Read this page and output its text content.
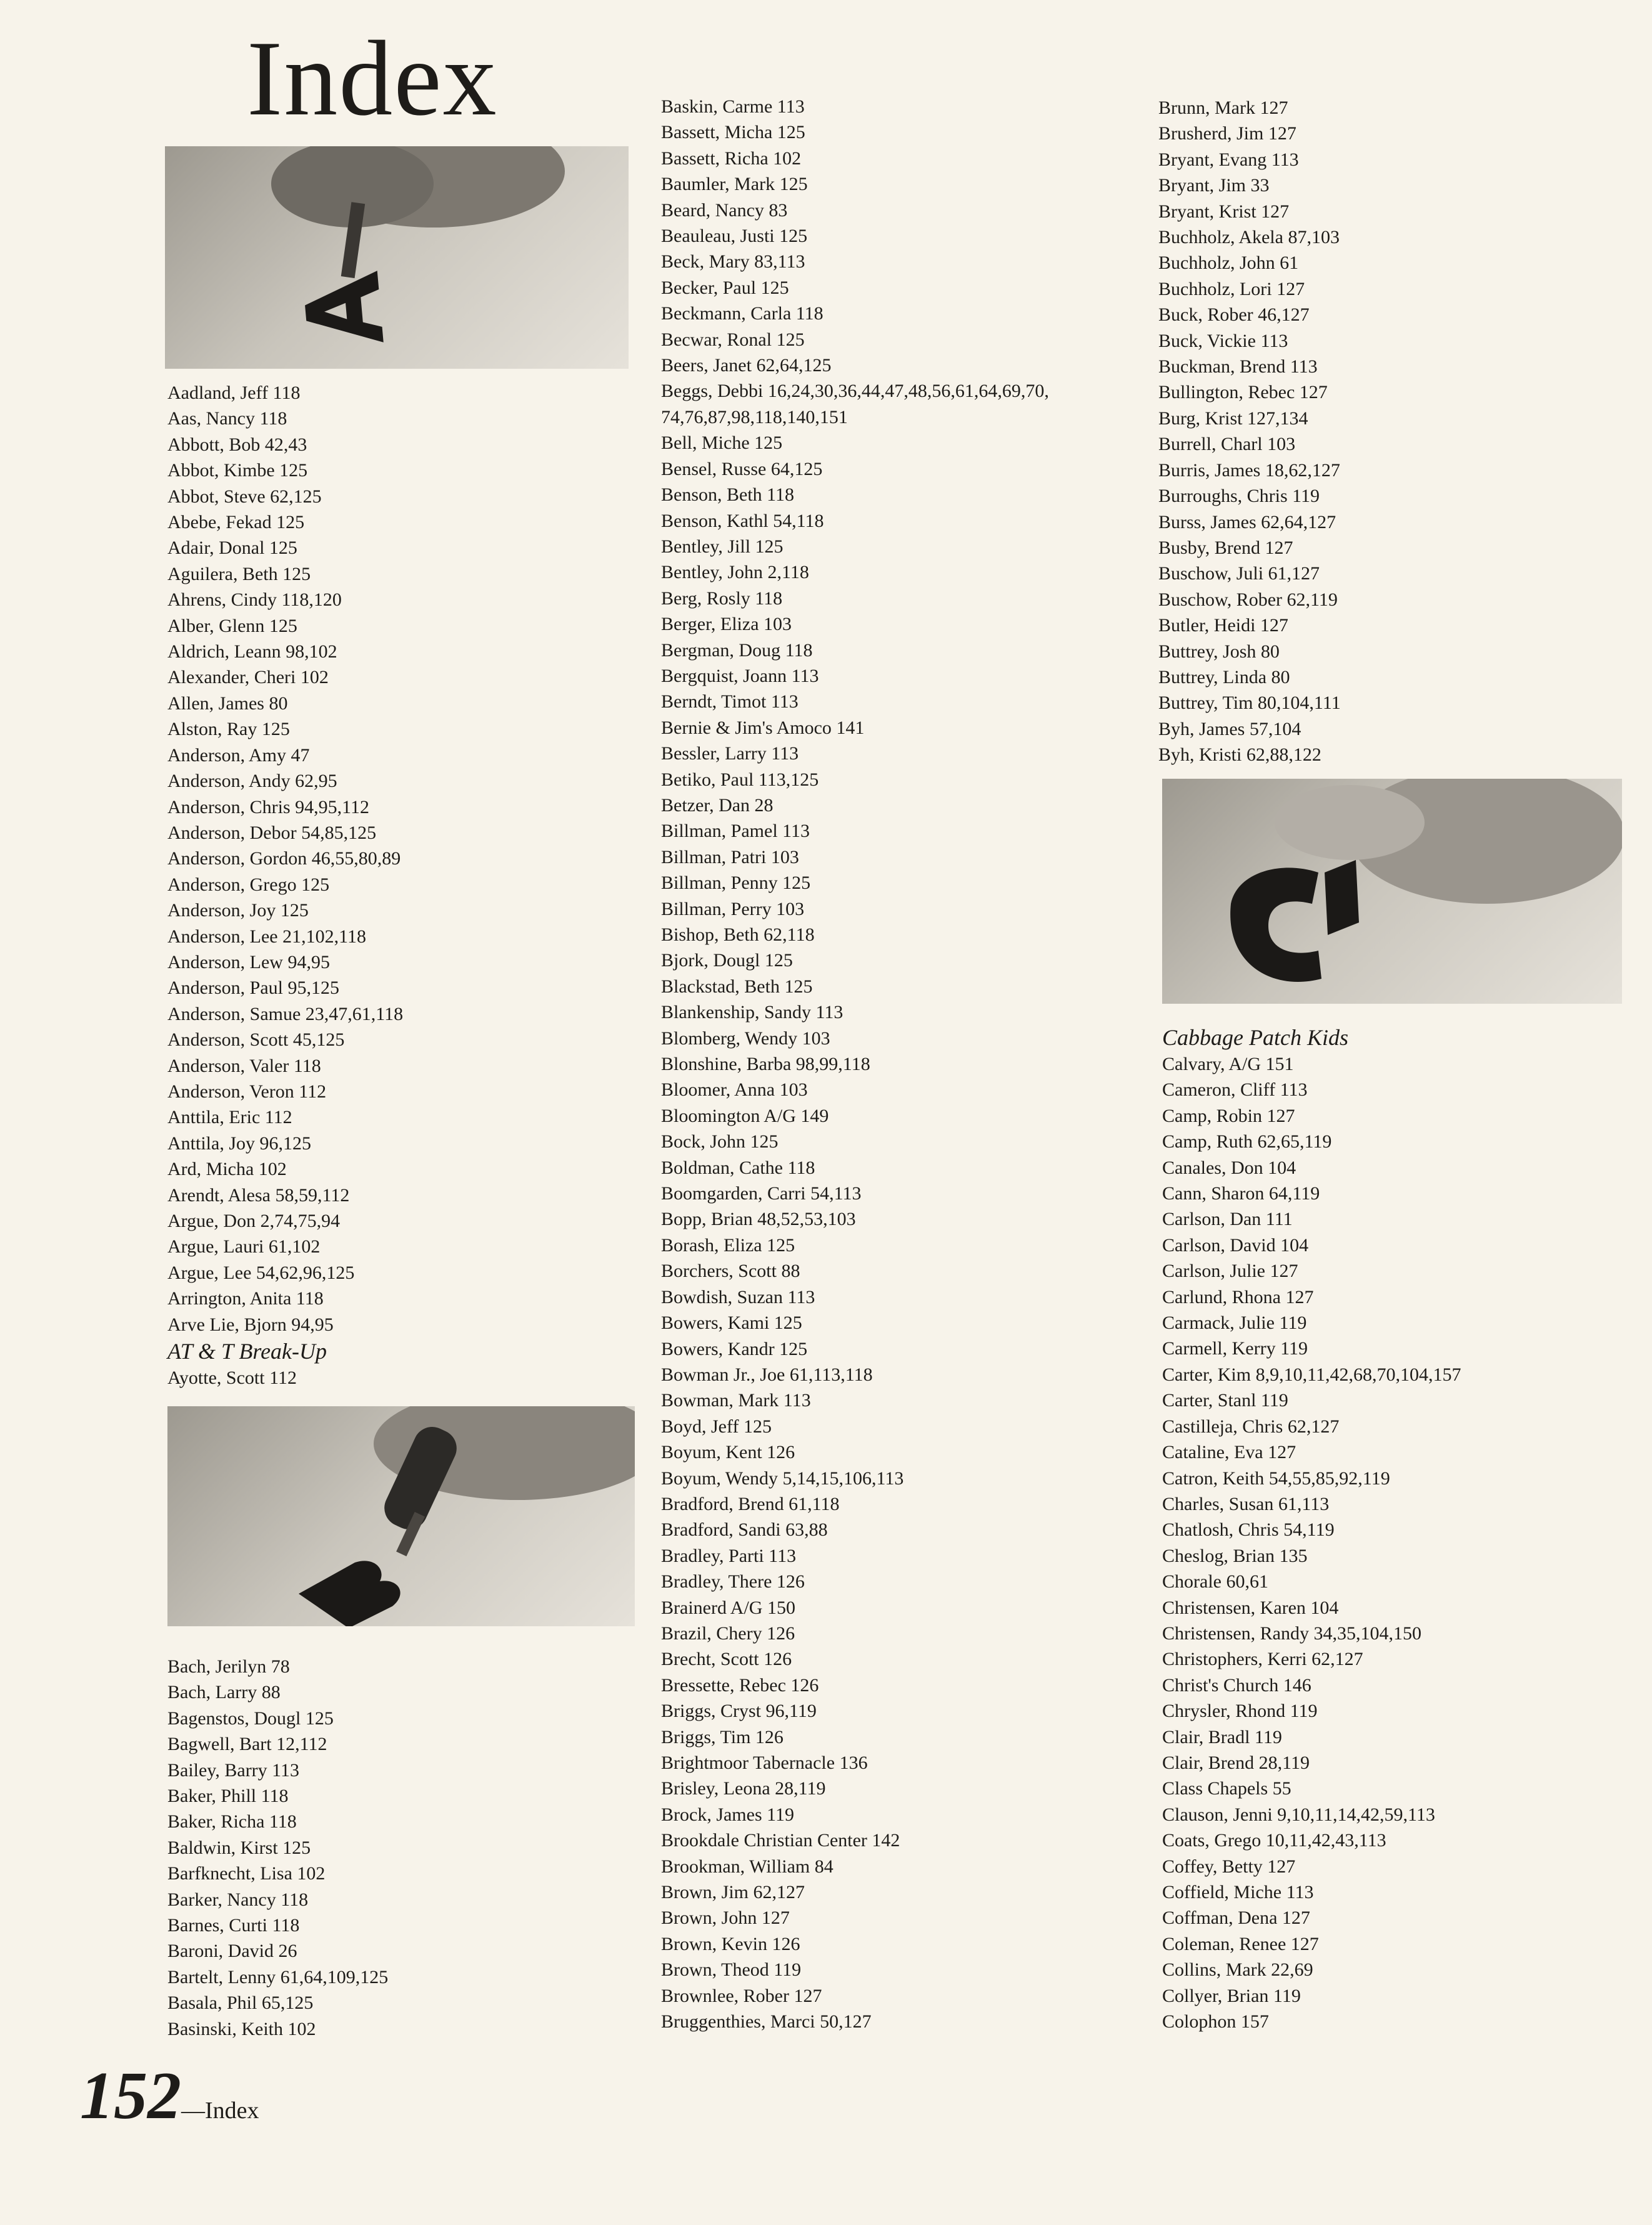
Index
Aadland, Jeff 118
Aas, Nancy 118
Abbott, Bob 42,43
Abbot, Kimbe 125
Abbot, Steve 62,125
Abebe, Fekad 125
Adair, Donal 125
Aguilera, Beth 125
Ahrens, Cindy 118,120
Alber, Glenn 125
Aldrich, Leann 98,102
Alexander, Cheri 102
Allen, James 80
Alston, Ray 125
Anderson, Amy 47
Anderson, Andy 62,95
Anderson, Chris 94,95,112
Anderson, Debor 54,85,125
Anderson, Gordon 46,55,80,89
Anderson, Grego 125
Anderson, Joy 125
Anderson, Lee 21,102,118
Anderson, Lew 94,95
Anderson, Paul 95,125
Anderson, Samue 23,47,61,118
Anderson, Scott 45,125
Anderson, Valer 118
Anderson, Veron 112
Anttila, Eric 112
Anttila, Joy 96,125
Ard, Micha 102
Arendt, Alesa 58,59,112
Argue, Don 2,74,75,94
Argue, Lauri 61,102
Argue, Lee 54,62,96,125
Arrington, Anita 118
Arve Lie, Bjorn 94,95
AT & T Break-Up
Ayotte, Scott 112
Bach, Jerilyn 78
Bach, Larry 88
Bagenstos, Dougl 125
Bagwell, Bart 12,112
Bailey, Barry 113
Baker, Phill 118
Baker, Richa 118
Baldwin, Kirst 125
Barfknecht, Lisa 102
Barker, Nancy 118
Barnes, Curti 118
Baroni, David 26
Bartelt, Lenny 61,64,109,125
Basala, Phil 65,125
Basinski, Keith 102
Baskin, Carme 113
Bassett, Micha 125
Bassett, Richa 102
Baumler, Mark 125
Beard, Nancy 83
Beauleau, Justi 125
Beck, Mary 83,113
Becker, Paul 125
Beckmann, Carla 118
Becwar, Ronal 125
Beers, Janet 62,64,125
Beggs, Debbi 16,24,30,36,44,47,48,56,61,64,69,70,
74,76,87,98,118,140,151
Bell, Miche 125
Bensel, Russe 64,125
Benson, Beth 118
Benson, Kathl 54,118
Bentley, Jill 125
Bentley, John 2,118
Berg, Rosly 118
Berger, Eliza 103
Bergman, Doug 118
Bergquist, Joann 113
Berndt, Timot 113
Bernie & Jim's Amoco 141
Bessler, Larry 113
Betiko, Paul 113,125
Betzer, Dan 28
Billman, Pamel 113
Billman, Patri 103
Billman, Penny 125
Billman, Perry 103
Bishop, Beth 62,118
Bjork, Dougl 125
Blackstad, Beth 125
Blankenship, Sandy 113
Blomberg, Wendy 103
Blonshine, Barba 98,99,118
Bloomer, Anna 103
Bloomington A/G 149
Bock, John 125
Boldman, Cathe 118
Boomgarden, Carri 54,113
Bopp, Brian 48,52,53,103
Borash, Eliza 125
Borchers, Scott 88
Bowdish, Suzan 113
Bowers, Kami 125
Bowers, Kandr 125
Bowman Jr., Joe 61,113,118
Bowman, Mark 113
Boyd, Jeff 125
Boyum, Kent 126
Boyum, Wendy 5,14,15,106,113
Bradford, Brend 61,118
Bradford, Sandi 63,88
Bradley, Parti 113
Bradley, There 126
Brainerd A/G 150
Brazil, Chery 126
Brecht, Scott 126
Bressette, Rebec 126
Briggs, Cryst 96,119
Briggs, Tim 126
Brightmoor Tabernacle 136
Brisley, Leona 28,119
Brock, James 119
Brookdale Christian Center 142
Brookman, William 84
Brown, Jim 62,127
Brown, John 127
Brown, Kevin 126
Brown, Theod 119
Brownlee, Rober 127
Bruggenthies, Marci 50,127
Brunn, Mark 127
Brusherd, Jim 127
Bryant, Evang 113
Bryant, Jim 33
Bryant, Krist 127
Buchholz, Akela 87,103
Buchholz, John 61
Buchholz, Lori 127
Buck, Rober 46,127
Buck, Vickie 113
Buckman, Brend 113
Bullington, Rebec 127
Burg, Krist 127,134
Burrell, Charl 103
Burris, James 18,62,127
Burroughs, Chris 119
Burss, James 62,64,127
Busby, Brend 127
Buschow, Juli 61,127
Buschow, Rober 62,119
Butler, Heidi 127
Buttrey, Josh 80
Buttrey, Linda 80
Buttrey, Tim 80,104,111
Byh, James 57,104
Byh, Kristi 62,88,122
Cabbage Patch Kids
Calvary, A/G 151
Cameron, Cliff 113
Camp, Robin 127
Camp, Ruth 62,65,119
Canales, Don 104
Cann, Sharon 64,119
Carlson, Dan 111
Carlson, David 104
Carlson, Julie 127
Carlund, Rhona 127
Carmack, Julie 119
Carmell, Kerry 119
Carter, Kim 8,9,10,11,42,68,70,104,157
Carter, Stanl 119
Castilleja, Chris 62,127
Cataline, Eva 127
Catron, Keith 54,55,85,92,119
Charles, Susan 61,113
Chatlosh, Chris 54,119
Cheslog, Brian 135
Chorale 60,61
Christensen, Karen 104
Christensen, Randy 34,35,104,150
Christophers, Kerri 62,127
Christ's Church 146
Chrysler, Rhond 119
Clair, Bradl 119
Clair, Brend 28,119
Class Chapels 55
Clauson, Jenni 9,10,11,14,42,59,113
Coats, Grego 10,11,42,43,113
Coffey, Betty 127
Coffield, Miche 113
Coffman, Dena 127
Coleman, Renee 127
Collins, Mark 22,69
Collyer, Brian 119
Colophon 157
152—Index
